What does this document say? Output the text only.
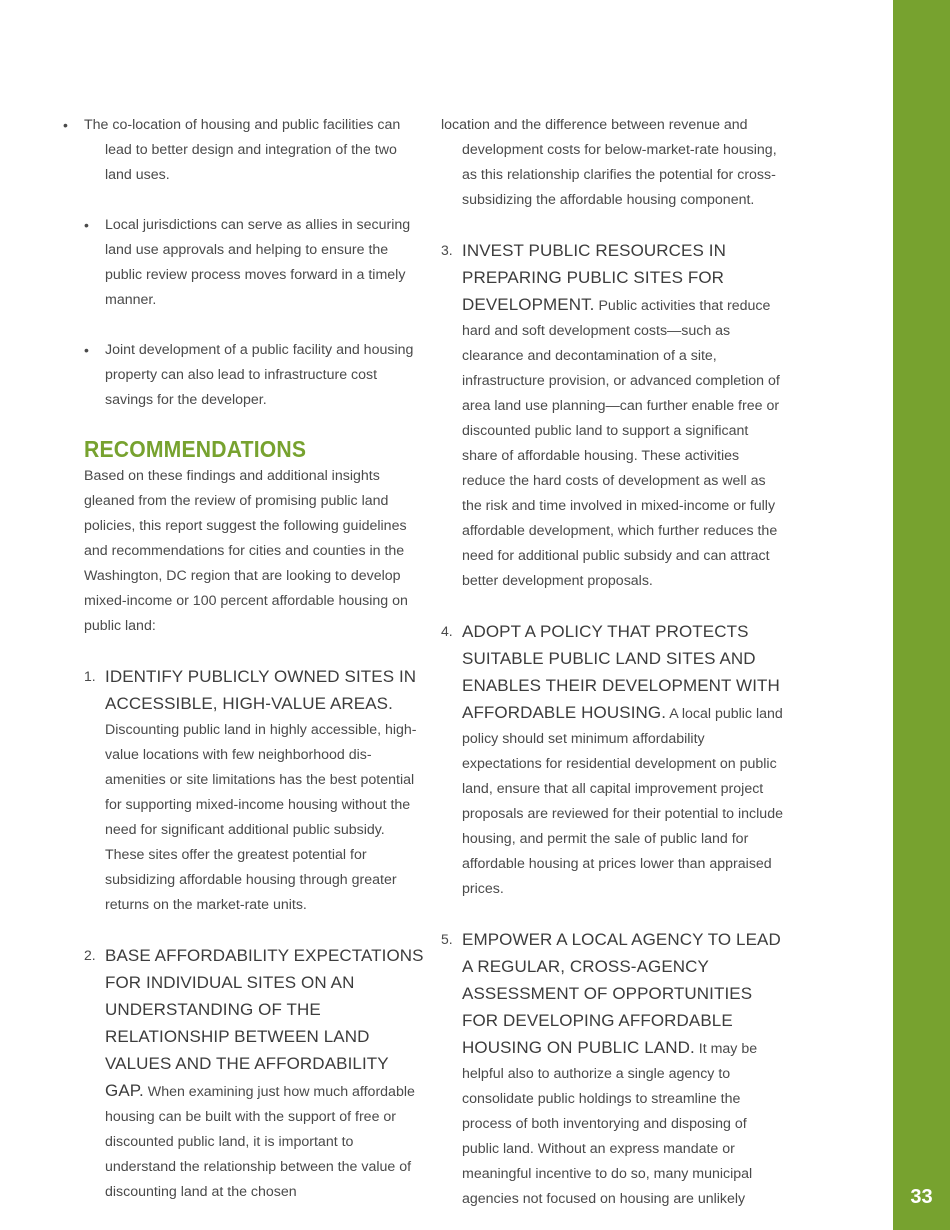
33
•	The co-location of housing and public facilities can

lead to better design and integration of the two land uses.

•	Local jurisdictions can serve as allies in securing land use approvals and helping to ensure the public review process moves forward in a timely manner.

•	Joint development of a public facility and housing property can also lead to infrastructure cost savings for the developer.

RECOMMENDATIONS

Based on these findings and additional insights gleaned from the review of promising public land policies, this report suggest the following guidelines and recommendations for cities and counties in the Washington, DC region that are looking to develop mixed-income or 100 percent affordable housing on public land:

1. IDENTIFY PUBLICLY OWNED SITES IN ACCESSIBLE, HIGH-VALUE AREAS. Discounting public land in highly accessible, high-value locations with few neighborhood dis-amenities or site limitations has the best potential for supporting mixed-income housing without the need for significant additional public subsidy. These sites offer the greatest potential for subsidizing affordable housing through greater returns on the market-rate units.

2. BASE AFFORDABILITY EXPECTATIONS FOR INDIVIDUAL SITES ON AN UNDERSTANDING OF THE RELATIONSHIP BETWEEN LAND VALUES AND THE AFFORDABILITY GAP. When examining just how much affordable housing can be built with the support of free or discounted public land, it is important to understand the relationship between the value of discounting land at the chosen

location and the difference between revenue and

development costs for below-market-rate housing, as this relationship clarifies the potential for cross-subsidizing the affordable housing component.

3. INVEST PUBLIC RESOURCES IN PREPARING PUBLIC SITES FOR DEVELOPMENT. Public activities that reduce hard and soft development costs—such as clearance and decontamination of a site, infrastructure provision, or advanced completion of area land use planning—can further enable free or discounted public land to support a significant share of affordable housing. These activities reduce the hard costs of development as well as the risk and time involved in mixed-income or fully affordable development, which further reduces the need for additional public subsidy and can attract better development proposals.

4. ADOPT A POLICY THAT PROTECTS SUITABLE PUBLIC LAND SITES AND ENABLES THEIR DEVELOPMENT WITH AFFORDABLE HOUSING. A local public land policy should set minimum affordability expectations for residential development on public land, ensure that all capital improvement project proposals are reviewed for their potential to include housing, and permit the sale of public land for affordable housing at prices lower than appraised prices.

5. EMPOWER A LOCAL AGENCY TO LEAD A REGULAR, CROSS-AGENCY ASSESSMENT OF OPPORTUNITIES FOR DEVELOPING AFFORDABLE HOUSING ON PUBLIC LAND. It may be helpful also to authorize a single agency to consolidate public holdings to streamline the process of both inventorying and disposing of public land. Without an express mandate or meaningful incentive to do so, many municipal agencies not focused on housing are unlikely
